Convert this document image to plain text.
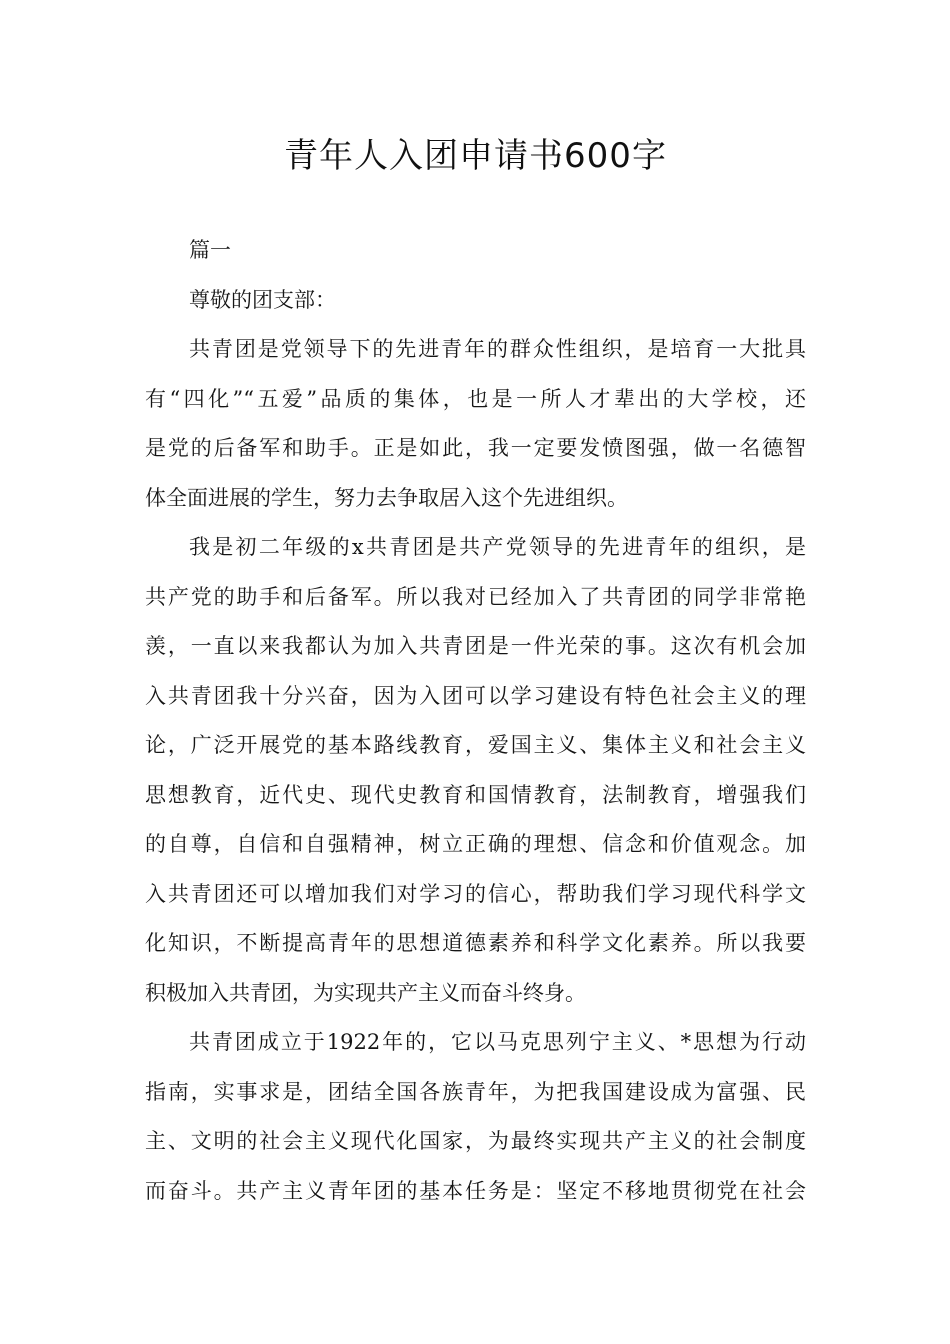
青年人入团申请书600字
篇一
尊敬的团支部：
共青团是党领导下的先进青年的群众性组织，是培育一大批具
有“四化”“五爱”品质的集体，也是一所人才辈出的大学校，还
是党的后备军和助手。正是如此，我一定要发愤图强，做一名德智
体全面进展的学生，努力去争取居入这个先进组织。
我是初二年级的x共青团是共产党领导的先进青年的组织，是
共产党的助手和后备军。所以我对已经加入了共青团的同学非常艳
羡，一直以来我都认为加入共青团是一件光荣的事。这次有机会加
入共青团我十分兴奋，因为入团可以学习建设有特色社会主义的理
论，广泛开展党的基本路线教育，爱国主义、集体主义和社会主义
思想教育，近代史、现代史教育和国情教育，法制教育，增强我们
的自尊，自信和自强精神，树立正确的理想、信念和价值观念。加
入共青团还可以增加我们对学习的信心，帮助我们学习现代科学文
化知识，不断提高青年的思想道德素养和科学文化素养。所以我要
积极加入共青团，为实现共产主义而奋斗终身。
共青团成立于1922年的，它以马克思列宁主义、*思想为行动
指南，实事求是，团结全国各族青年，为把我国建设成为富强、民
主、文明的社会主义现代化国家，为最终实现共产主义的社会制度
而奋斗。共产主义青年团的基本任务是：坚定不移地贯彻党在社会
